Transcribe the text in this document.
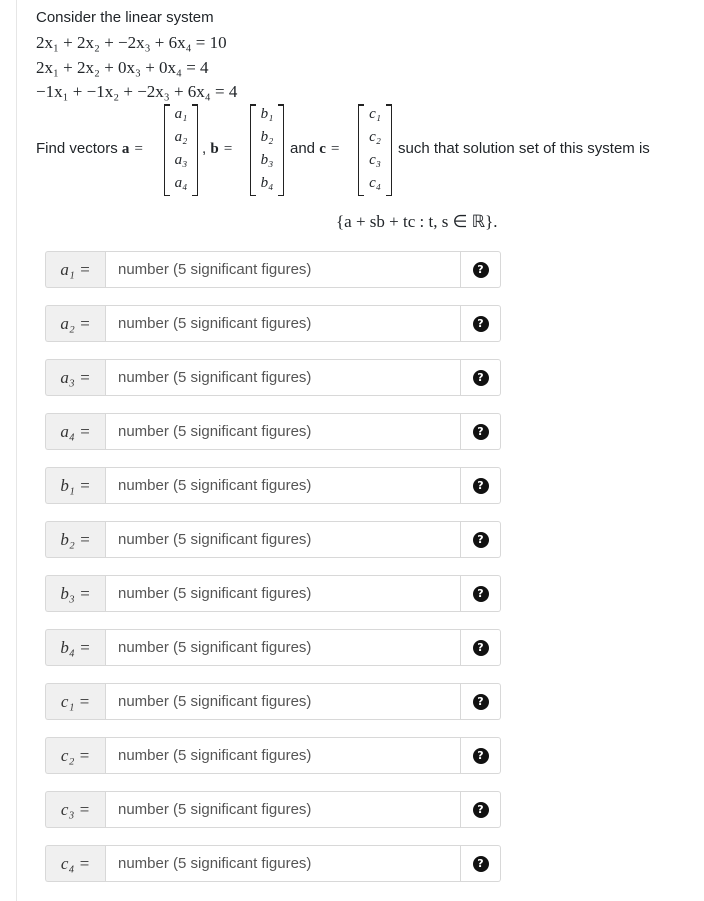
Consider the linear system
2x₁ + 2x₂ + −2x₃ + 6x₄ = 10
2x₁ + 2x₂ + 0x₃ + 0x₄ = 4
−1x₁ + −1x₂ + −2x₃ + 6x₄ = 4
Find vectors a =
a₁
a₂
a₃
a₄
, b =
b₁
b₂
b₃
b₄
and c =
c₁
c₂
c₃
c₄
such that solution set of this system is
{a + sb + tc : t, s ∈ ℝ}.
a₁ =
number (5 significant figures)	?
a₂ =
number (5 significant figures)	?
a₃ =
number (5 significant figures)	?
a₄ =
number (5 significant figures)	?
b₁ =
number (5 significant figures)	?
b₂ =
number (5 significant figures)	?
b₃ =
number (5 significant figures)	?
b₄ =
number (5 significant figures)	?
c₁ =
number (5 significant figures)	?
c₂ =
number (5 significant figures)	?
c₃ =
number (5 significant figures)	?
c₄ =
number (5 significant figures)	?
